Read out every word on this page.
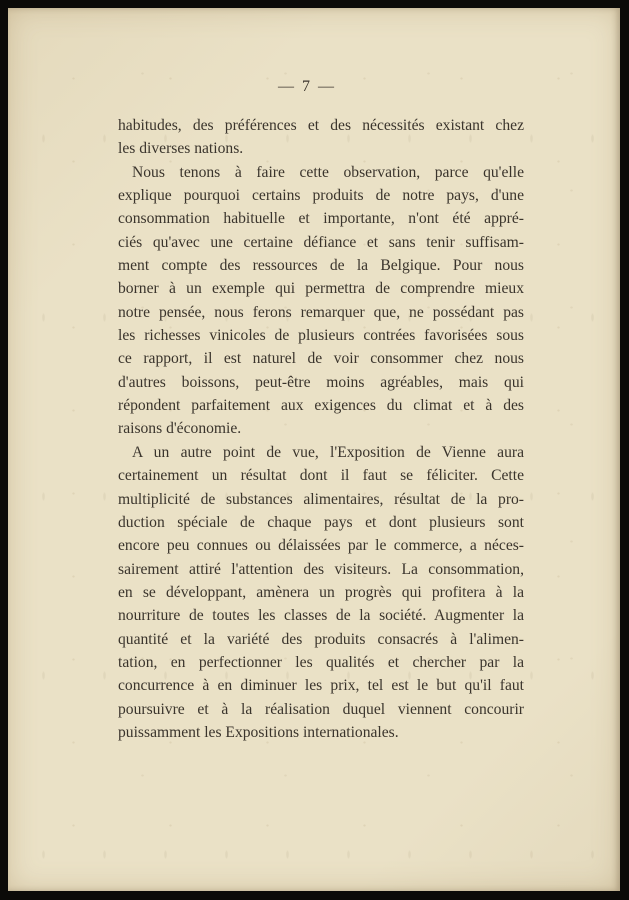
— 7 —
habitudes, des préférences et des nécessités existant chez
les diverses nations.
Nous tenons à faire cette observation, parce qu'elle
explique pourquoi certains produits de notre pays, d'une
consommation habituelle et importante, n'ont été appré-
ciés qu'avec une certaine défiance et sans tenir suffisam-
ment compte des ressources de la Belgique. Pour nous
borner à un exemple qui permettra de comprendre mieux
notre pensée, nous ferons remarquer que, ne possédant pas
les richesses vinicoles de plusieurs contrées favorisées sous
ce rapport, il est naturel de voir consommer chez nous
d'autres boissons, peut-être moins agréables, mais qui
répondent parfaitement aux exigences du climat et à des
raisons d'économie.
A un autre point de vue, l'Exposition de Vienne aura
certainement un résultat dont il faut se féliciter. Cette
multiplicité de substances alimentaires, résultat de la pro-
duction spéciale de chaque pays et dont plusieurs sont
encore peu connues ou délaissées par le commerce, a néces-
sairement attiré l'attention des visiteurs. La consommation,
en se développant, amènera un progrès qui profitera à la
nourriture de toutes les classes de la société. Augmenter la
quantité et la variété des produits consacrés à l'alimen-
tation, en perfectionner les qualités et chercher par la
concurrence à en diminuer les prix, tel est le but qu'il faut
poursuivre et à la réalisation duquel viennent concourir
puissamment les Expositions internationales.
